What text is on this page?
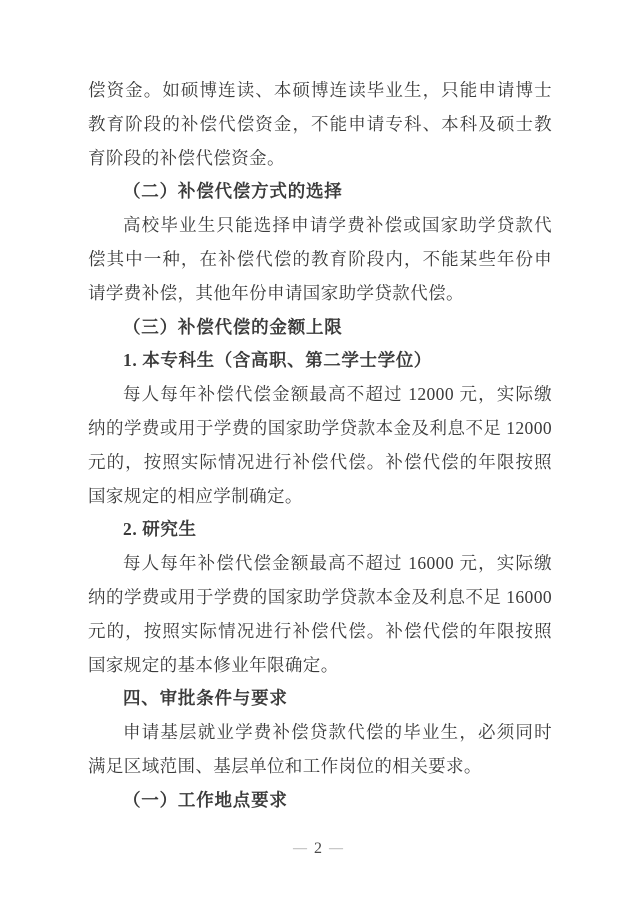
偿资金。如硕博连读、本硕博连读毕业生，只能申请博士教育阶段的补偿代偿资金，不能申请专科、本科及硕士教育阶段的补偿代偿资金。

（二）补偿代偿方式的选择

高校毕业生只能选择申请学费补偿或国家助学贷款代偿其中一种，在补偿代偿的教育阶段内，不能某些年份申请学费补偿，其他年份申请国家助学贷款代偿。

（三）补偿代偿的金额上限

1. 本专科生（含高职、第二学士学位）

每人每年补偿代偿金额最高不超过 12000 元，实际缴纳的学费或用于学费的国家助学贷款本金及利息不足 12000 元的，按照实际情况进行补偿代偿。补偿代偿的年限按照国家规定的相应学制确定。

2. 研究生

每人每年补偿代偿金额最高不超过 16000 元，实际缴纳的学费或用于学费的国家助学贷款本金及利息不足 16000 元的，按照实际情况进行补偿代偿。补偿代偿的年限按照国家规定的基本修业年限确定。

四、审批条件与要求

申请基层就业学费补偿贷款代偿的毕业生，必须同时满足区域范围、基层单位和工作岗位的相关要求。

（一）工作地点要求

— 2 —
